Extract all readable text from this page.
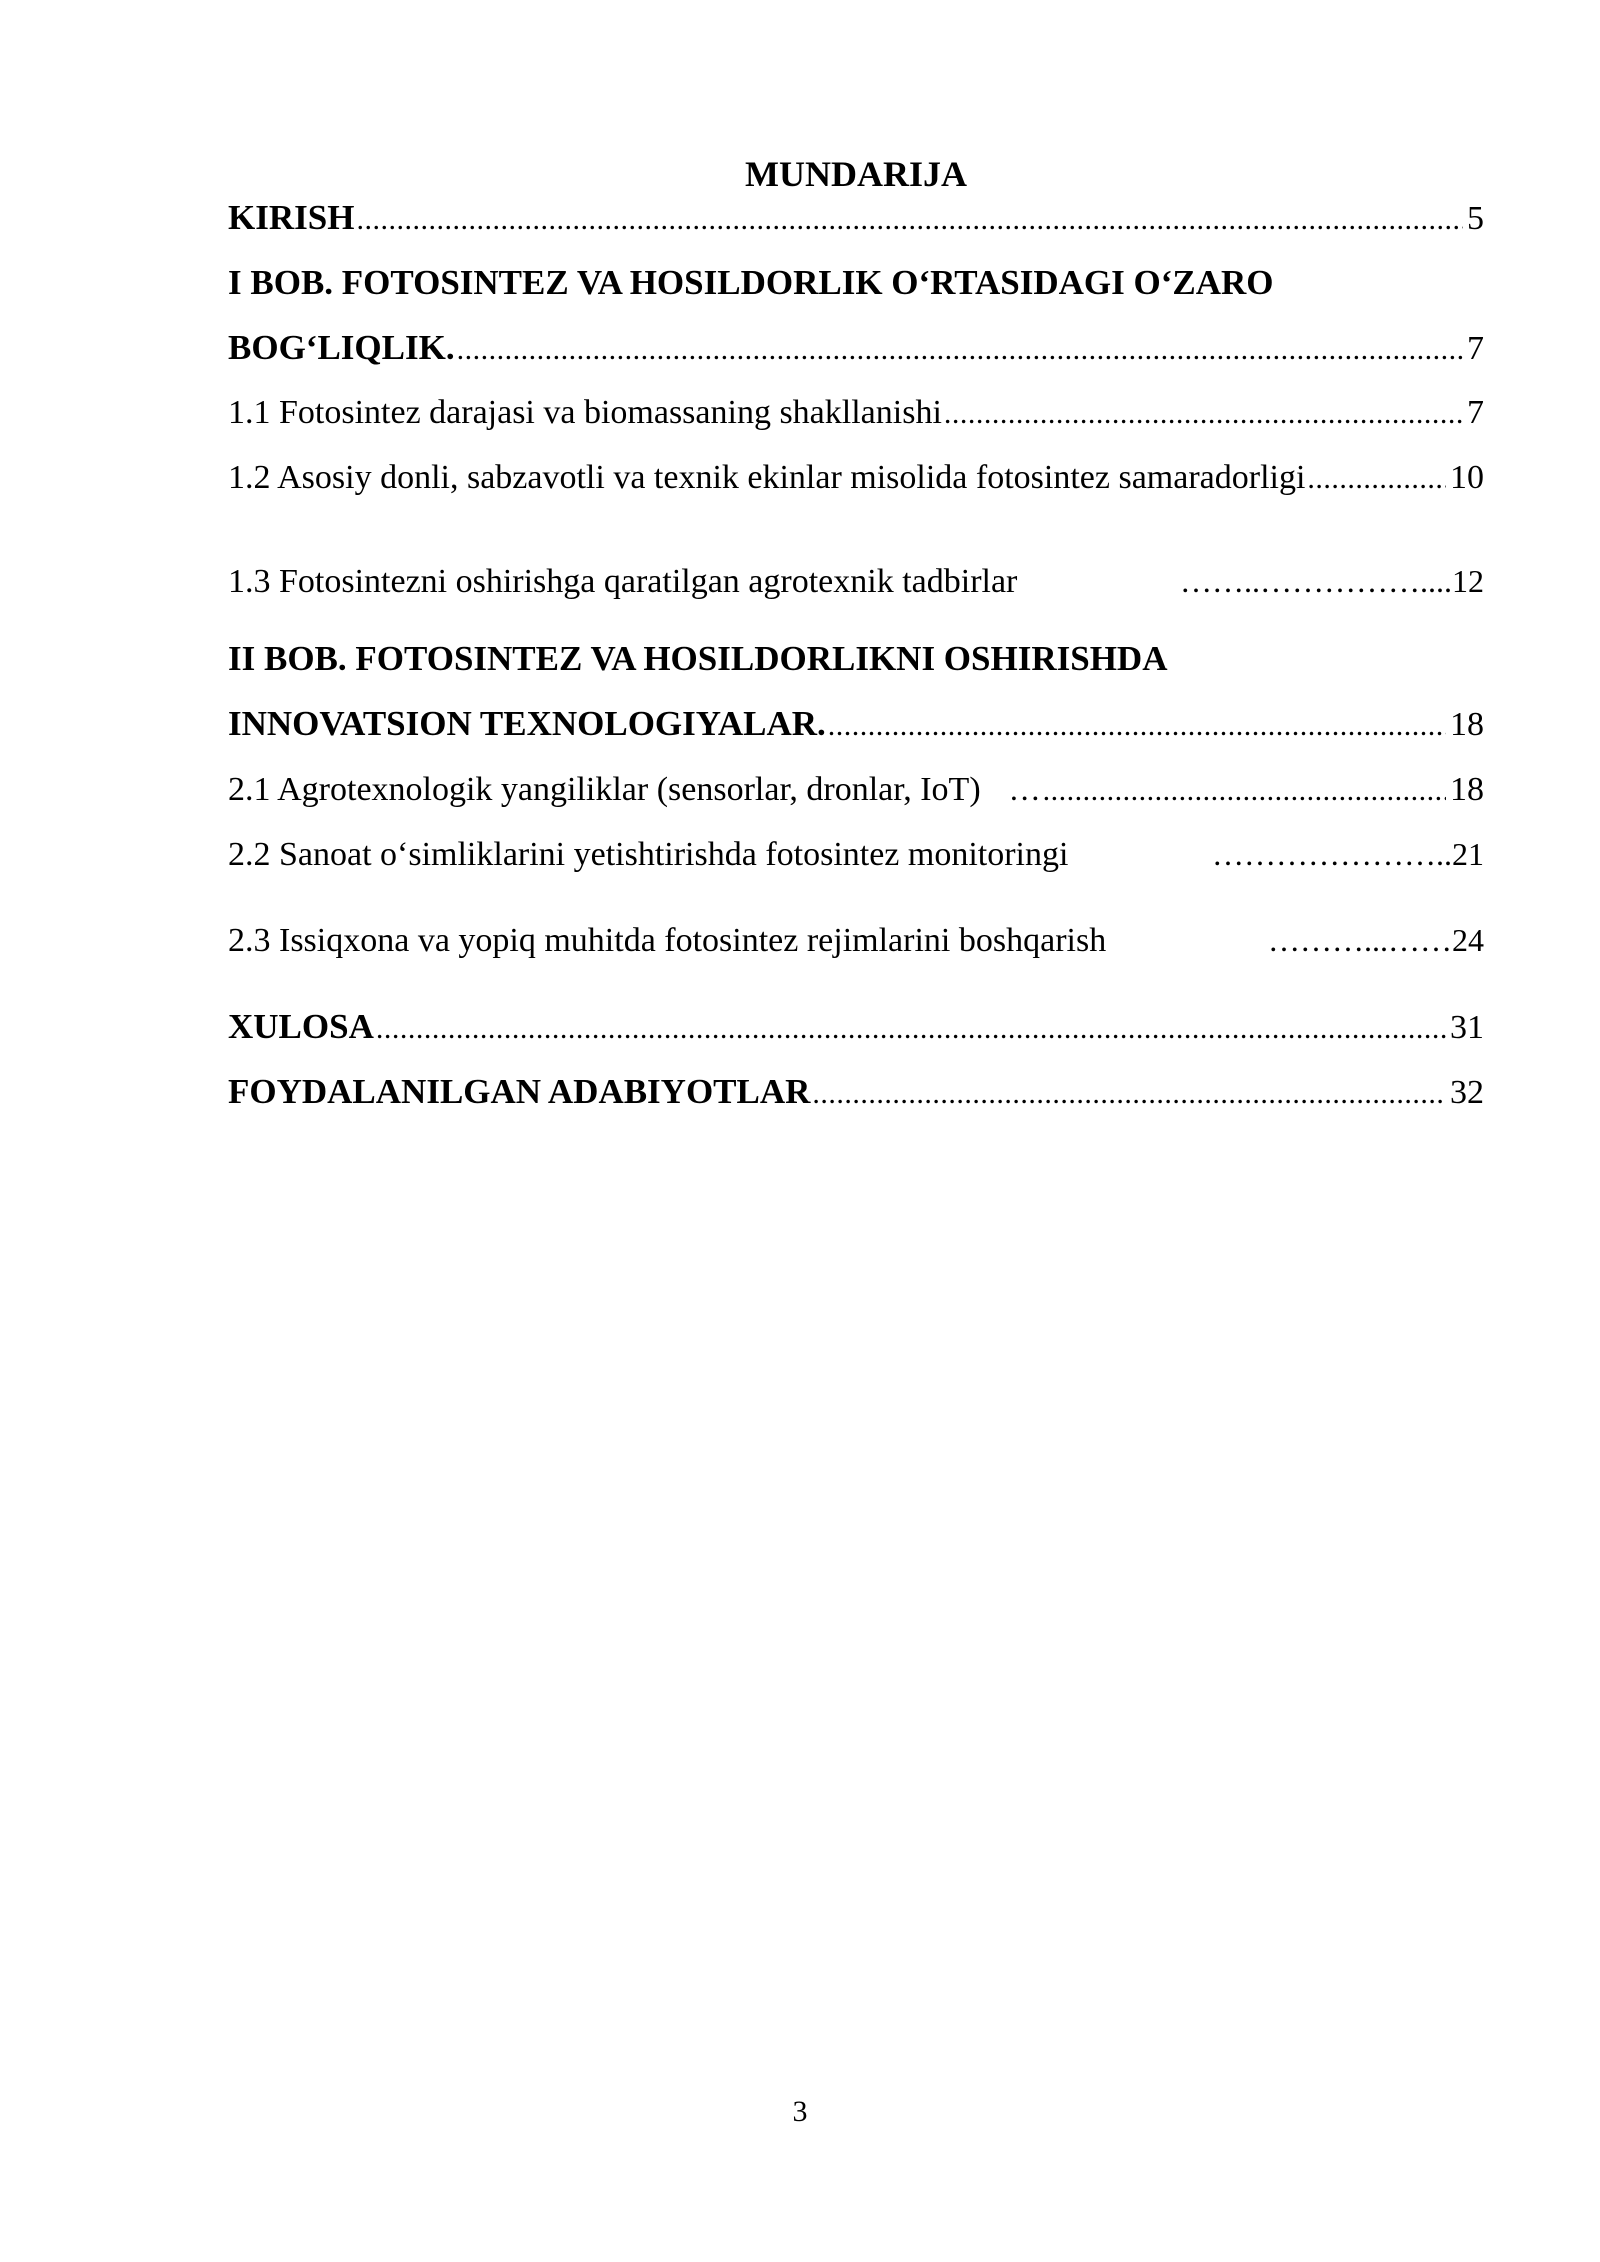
MUNDARIJA
KIRISH .....	5
I BOB. FOTOSINTEZ VA HOSILDORLIK O‘RTASIDAGI O‘ZARO
BOG‘LIQLIK. .....	7
1.1 Fotosintez darajasi va biomassaning shakllanishi .....	7
1.2 Asosiy donli, sabzavotli va texnik ekinlar misolida fotosintez samaradorligi .....	10
1.3 Fotosintezni oshirishga qaratilgan agrotexnik tadbirlar	……..……………....12
II BOB. FOTOSINTEZ VA HOSILDORLIKNI OSHIRISHDA
INNOVATSION TEXNOLOGIYALAR. .....	18
2.1 Agrotexnologik yangiliklar (sensorlar, dronlar, IoT) … .....	18
2.2 Sanoat o‘simliklarini yetishtirishda fotosintez monitoringi	…………………..21
2.3 Issiqxona va yopiq muhitda fotosintez rejimlarini boshqarish	………...……24
XULOSA .....	31
FOYDALANILGAN ADABIYOTLAR .....	32
3
